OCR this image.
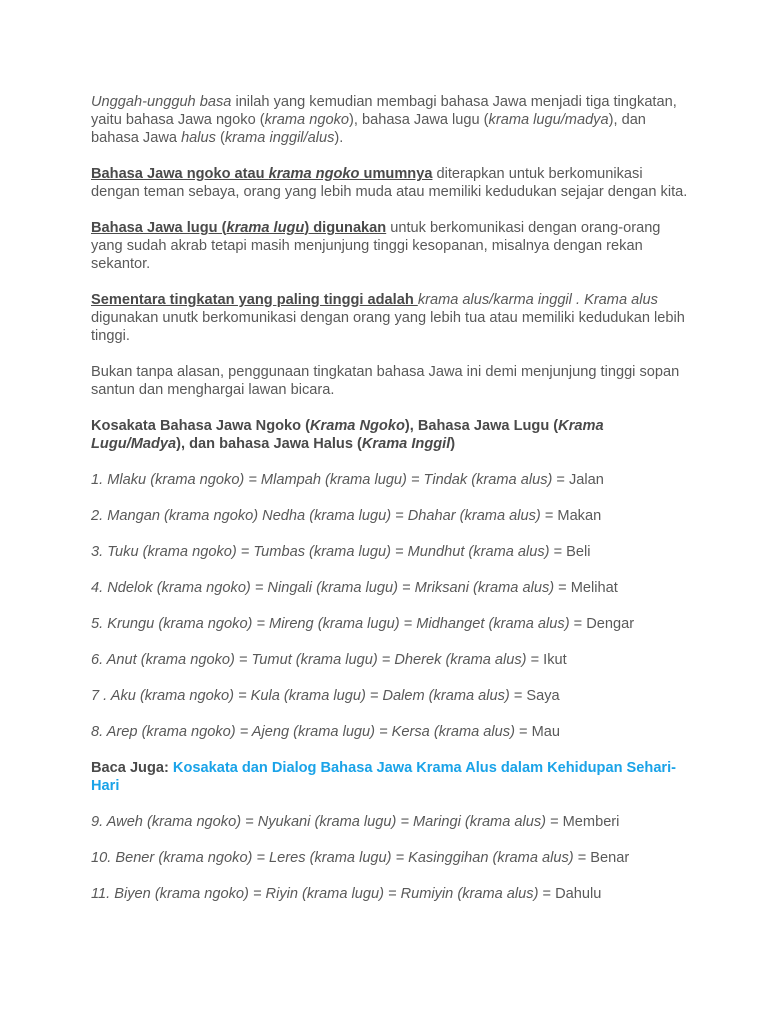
Unggah-ungguh basa inilah yang kemudian membagi bahasa Jawa menjadi tiga tingkatan, yaitu bahasa Jawa ngoko (krama ngoko), bahasa Jawa lugu (krama lugu/madya), dan bahasa Jawa halus (krama inggil/alus).

Bahasa Jawa ngoko atau krama ngoko umumnya diterapkan untuk berkomunikasi dengan teman sebaya, orang yang lebih muda atau memiliki kedudukan sejajar dengan kita.

Bahasa Jawa lugu (krama lugu) digunakan untuk berkomunikasi dengan orang-orang yang sudah akrab tetapi masih menjunjung tinggi kesopanan, misalnya dengan rekan sekantor.

Sementara tingkatan yang paling tinggi adalah krama alus/karma inggil . Krama alus digunakan unutk berkomunikasi dengan orang yang lebih tua atau memiliki kedudukan lebih tinggi.

Bukan tanpa alasan, penggunaan tingkatan bahasa Jawa ini demi menjunjung tinggi sopan santun dan menghargai lawan bicara.

Kosakata Bahasa Jawa Ngoko (Krama Ngoko), Bahasa Jawa Lugu (Krama Lugu/Madya), dan bahasa Jawa Halus (Krama Inggil)

1. Mlaku (krama ngoko) = Mlampah (krama lugu) = Tindak (krama alus) = Jalan

2. Mangan (krama ngoko) Nedha (krama lugu) = Dhahar (krama alus) = Makan

3. Tuku (krama ngoko) = Tumbas (krama lugu) = Mundhut (krama alus) = Beli

4. Ndelok (krama ngoko) = Ningali (krama lugu) = Mriksani (krama alus) = Melihat

5. Krungu (krama ngoko) = Mireng (krama lugu) = Midhanget (krama alus) = Dengar

6. Anut (krama ngoko) = Tumut (krama lugu) = Dherek (krama alus) = Ikut

7 . Aku (krama ngoko) = Kula (krama lugu) = Dalem (krama alus) = Saya

8. Arep (krama ngoko) = Ajeng (krama lugu) = Kersa (krama alus) = Mau

Baca Juga: Kosakata dan Dialog Bahasa Jawa Krama Alus dalam Kehidupan Sehari-Hari

9. Aweh (krama ngoko) = Nyukani (krama lugu) = Maringi (krama alus) = Memberi

10. Bener (krama ngoko) = Leres (krama lugu) = Kasinggihan (krama alus) = Benar

11. Biyen (krama ngoko) = Riyin (krama lugu) = Rumiyin (krama alus) = Dahulu
